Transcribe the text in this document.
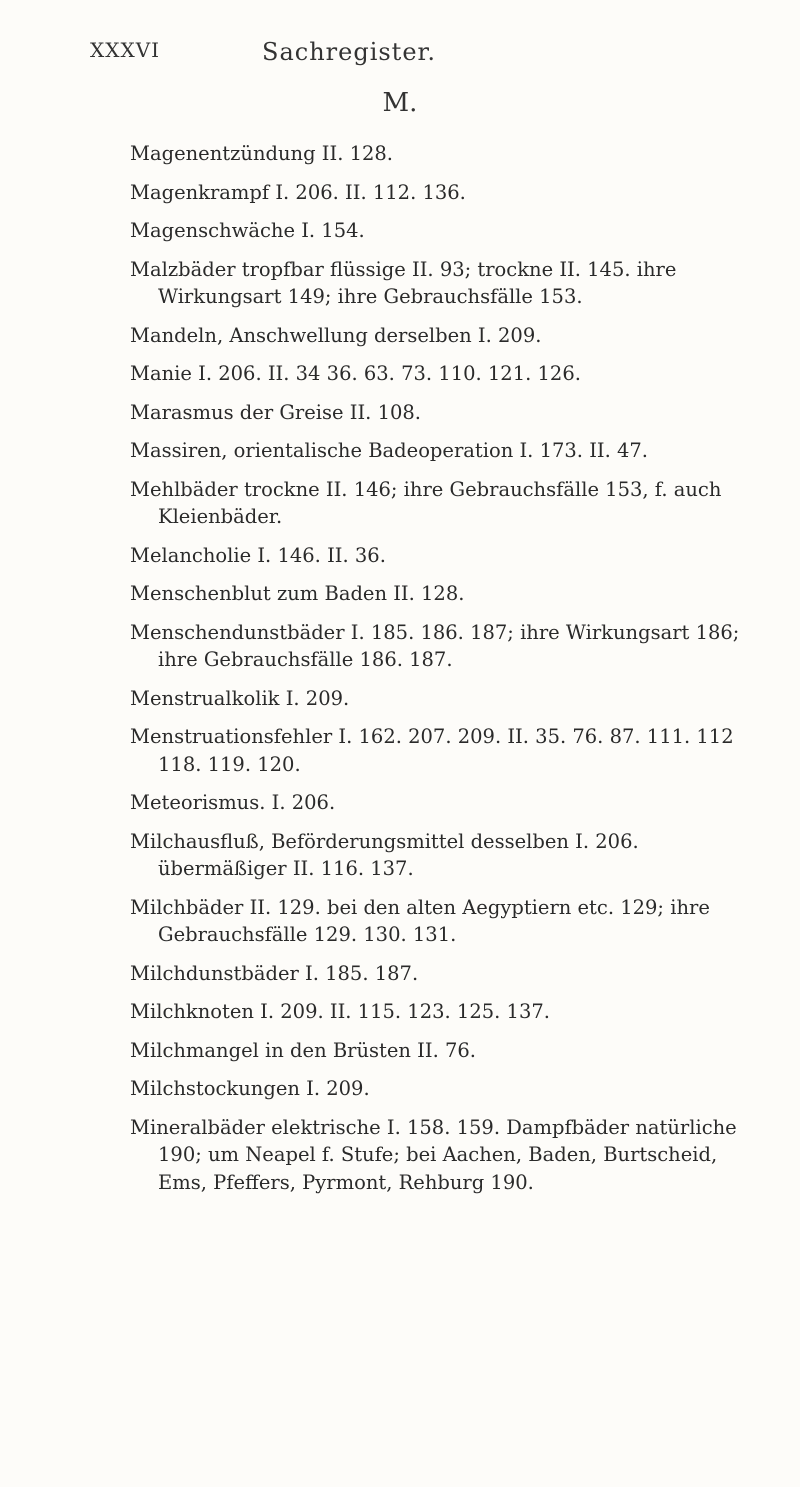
XXXVI	Sachregister.
M.

Magenentzündung II. 128.

Magenkrampf I. 206. II. 112. 136.

Magenschwäche I. 154.

Malzbäder tropfbar flüssige II. 93; trockne II. 145. ihre Wirkungsart 149; ihre Gebrauchsfälle 153.

Mandeln, Anschwellung derselben I. 209.

Manie I. 206. II. 34 36. 63. 73. 110. 121. 126.

Marasmus der Greise II. 108.

Massiren, orientalische Badeoperation I. 173. II. 47.

Mehlbäder trockne II. 146; ihre Gebrauchsfälle 153, f. auch Kleienbäder.

Melancholie I. 146. II. 36.

Menschenblut zum Baden II. 128.

Menschendunstbäder I. 185. 186. 187; ihre Wirkungsart 186; ihre Gebrauchsfälle 186. 187.

Menstrualkolik I. 209.

Menstruationsfehler I. 162. 207. 209. II. 35. 76. 87. 111. 112 118. 119. 120.

Meteorismus. I. 206.

Milchausfluß, Beförderungsmittel desselben I. 206. übermäßiger II. 116. 137.

Milchbäder II. 129. bei den alten Aegyptiern etc. 129; ihre Gebrauchsfälle 129. 130. 131.

Milchdunstbäder I. 185. 187.

Milchknoten I. 209. II. 115. 123. 125. 137.

Milchmangel in den Brüsten II. 76.

Milchstockungen I. 209.

Mineralbäder elektrische I. 158. 159. Dampfbäder natürliche 190; um Neapel f. Stufe; bei Aachen, Baden, Burtscheid, Ems, Pfeffers, Pyrmont, Rehburg 190.
